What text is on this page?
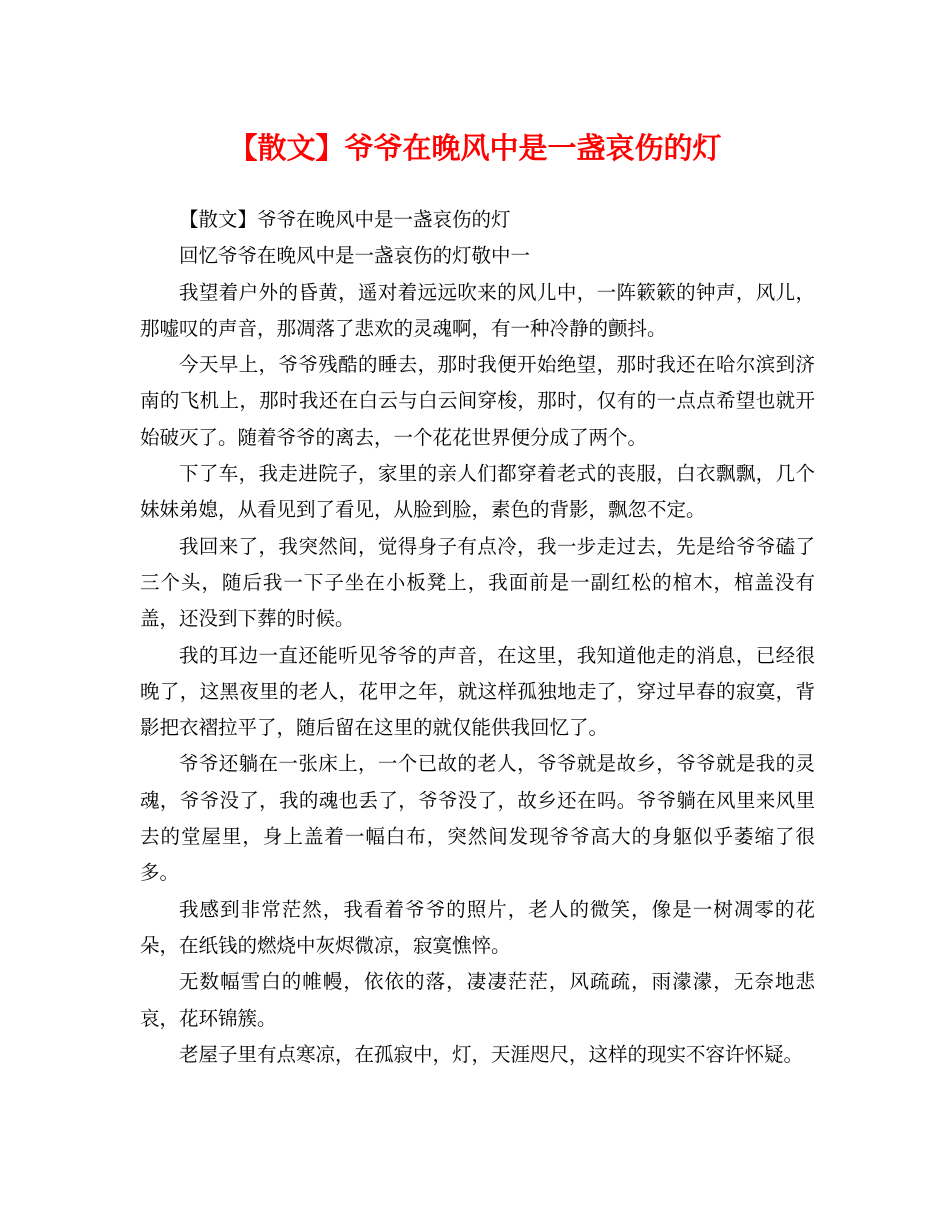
【散文】爷爷在晚风中是一盏哀伤的灯

【散文】爷爷在晚风中是一盏哀伤的灯

回忆爷爷在晚风中是一盏哀伤的灯敬中一

我望着户外的昏黄，遥对着远远吹来的风儿中，一阵簌簌的钟声，风儿，那嘘叹的声音，那凋落了悲欢的灵魂啊，有一种冷静的颤抖。

今天早上，爷爷残酷的睡去，那时我便开始绝望，那时我还在哈尔滨到济南的飞机上，那时我还在白云与白云间穿梭，那时，仅有的一点点希望也就开始破灭了。随着爷爷的离去，一个花花世界便分成了两个。

下了车，我走进院子，家里的亲人们都穿着老式的丧服，白衣飘飘，几个妹妹弟媳，从看见到了看见，从脸到脸，素色的背影，飘忽不定。

我回来了，我突然间，觉得身子有点冷，我一步走过去，先是给爷爷磕了三个头，随后我一下子坐在小板凳上，我面前是一副红松的棺木，棺盖没有盖，还没到下葬的时候。

我的耳边一直还能听见爷爷的声音，在这里，我知道他走的消息，已经很晚了，这黑夜里的老人，花甲之年，就这样孤独地走了，穿过早春的寂寞，背影把衣褶拉平了，随后留在这里的就仅能供我回忆了。

爷爷还躺在一张床上，一个已故的老人，爷爷就是故乡，爷爷就是我的灵魂，爷爷没了，我的魂也丢了，爷爷没了，故乡还在吗。爷爷躺在风里来风里去的堂屋里，身上盖着一幅白布，突然间发现爷爷高大的身躯似乎萎缩了很多。

我感到非常茫然，我看着爷爷的照片，老人的微笑，像是一树凋零的花朵，在纸钱的燃烧中灰烬微凉，寂寞憔悴。

无数幅雪白的帷幔，依依的落，凄凄茫茫，风疏疏，雨濛濛，无奈地悲哀，花环锦簇。

老屋子里有点寒凉，在孤寂中，灯，天涯咫尺，这样的现实不容许怀疑。
